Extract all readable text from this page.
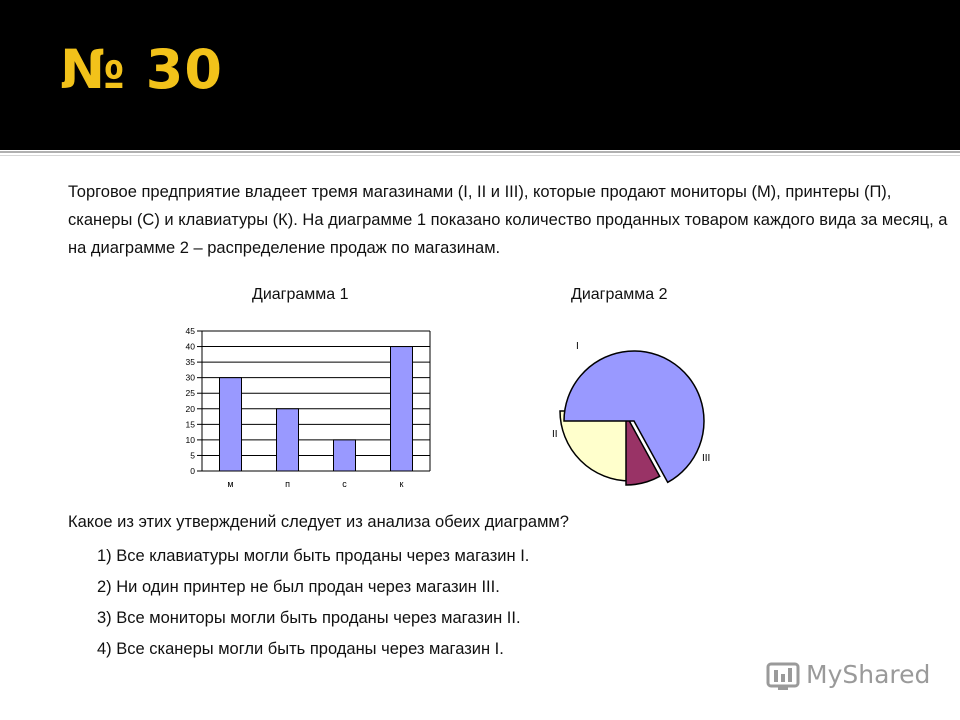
№ 30
Торговое предприятие владеет тремя магазинами (I, II и III), которые продают мониторы (М), принтеры (П), сканеры (С) и клавиатуры (К). На диаграмме 1 показано количество проданных товаром каждого вида за месяц, а на диаграмме 2 – распределение продаж по магазинам.
Диаграмма 1	Диаграмма 2
0
5
10
15
20
25
30
35
40
45
м	п	с	к
I
II
III
Какое из этих утверждений следует из анализа обеих диаграмм?
1) Все клавиатуры могли быть проданы через магазин I.
2) Ни один принтер не был продан через магазин III.
3) Все мониторы могли быть проданы через магазин II.
4) Все сканеры могли быть проданы через магазин I.
MyShared
